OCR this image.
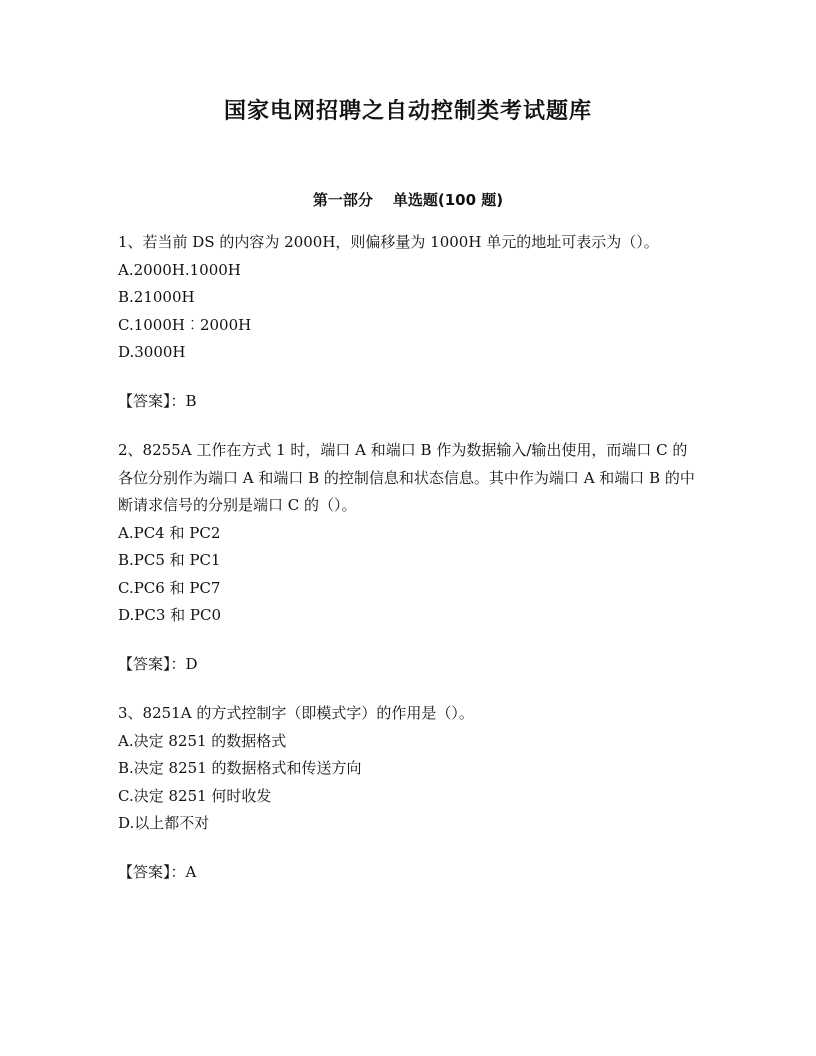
国家电网招聘之自动控制类考试题库
第一部分 单选题(100 题)

1、若当前 DS 的内容为 2000H，则偏移量为 1000H 单元的地址可表示为（）。

A.2000H.1000H

B.21000H

C.1000H︰2000H

D.3000H

【答案】：B

2、8255A 工作在方式 1 时，端口 A 和端口 B 作为数据输入/输出使用，而端口 C 的各位分别作为端口 A 和端口 B 的控制信息和状态信息。其中作为端口 A 和端口 B 的中断请求信号的分别是端口 C 的（）。

A.PC4 和 PC2

B.PC5 和 PC1

C.PC6 和 PC7

D.PC3 和 PC0

【答案】：D

3、8251A 的方式控制字（即模式字）的作用是（）。

A.决定 8251 的数据格式

B.决定 8251 的数据格式和传送方向

C.决定 8251 何时收发

D.以上都不对

【答案】：A
